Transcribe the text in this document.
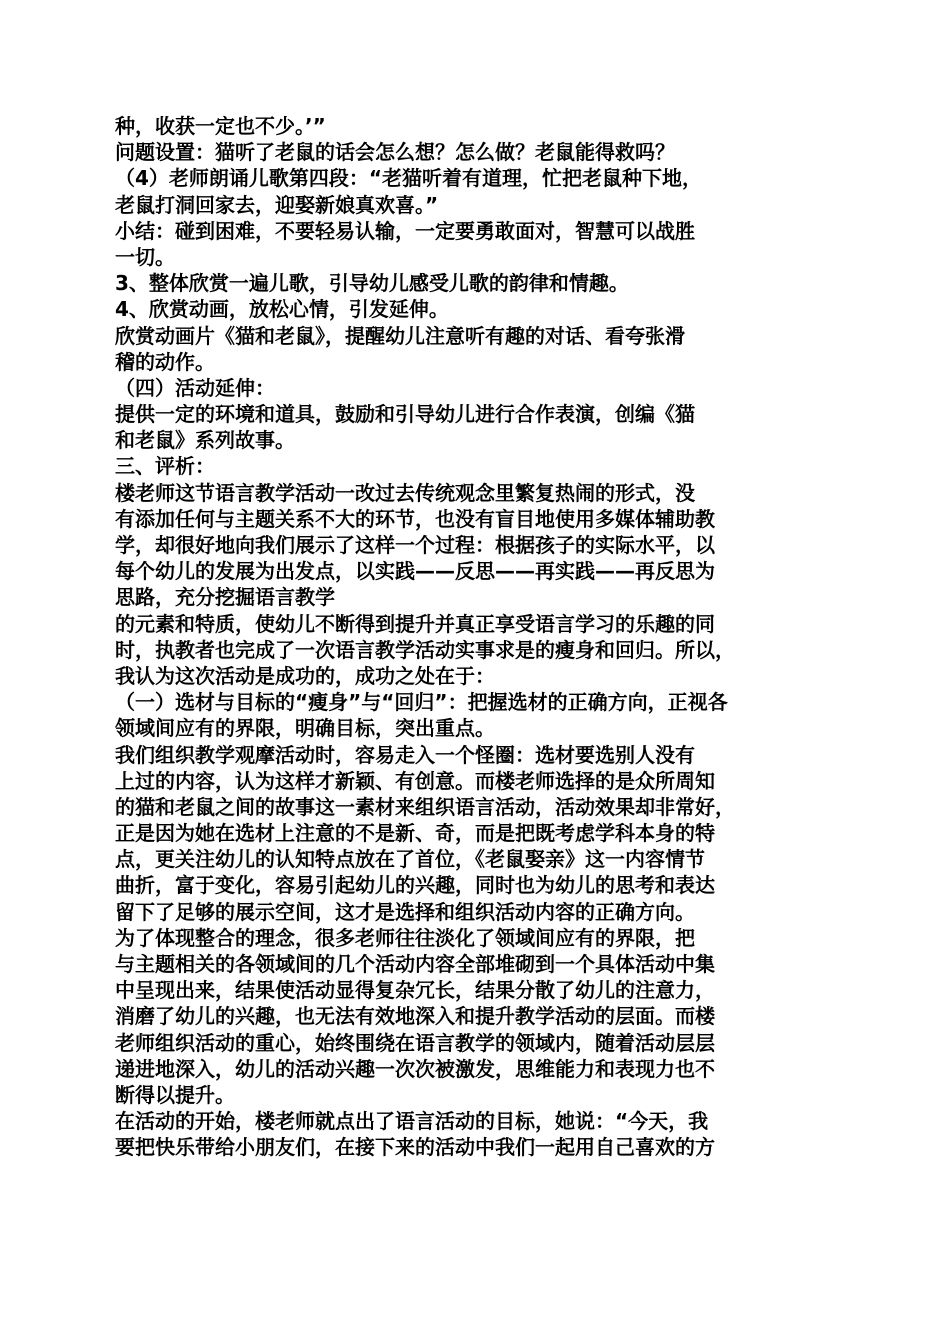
种，收获一定也不少。’”
问题设置：猫听了老鼠的话会怎么想？怎么做？老鼠能得救吗？
（4）老师朗诵儿歌第四段：“老猫听着有道理，忙把老鼠种下地，
老鼠打洞回家去，迎娶新娘真欢喜。”
小结：碰到困难，不要轻易认输，一定要勇敢面对，智慧可以战胜
一切。
3、整体欣赏一遍儿歌，引导幼儿感受儿歌的韵律和情趣。
4、欣赏动画，放松心情，引发延伸。
欣赏动画片《猫和老鼠》，提醒幼儿注意听有趣的对话、看夸张滑
稽的动作。
（四）活动延伸：
提供一定的环境和道具，鼓励和引导幼儿进行合作表演，创编《猫
和老鼠》系列故事。
三、评析：
楼老师这节语言教学活动一改过去传统观念里繁复热闹的形式，没
有添加任何与主题关系不大的环节，也没有盲目地使用多媒体辅助教
学，却很好地向我们展示了这样一个过程：根据孩子的实际水平，以
每个幼儿的发展为出发点，以实践——反思——再实践——再反思为
思路，充分挖掘语言教学
的元素和特质，使幼儿不断得到提升并真正享受语言学习的乐趣的同
时，执教者也完成了一次语言教学活动实事求是的瘦身和回归。所以，
我认为这次活动是成功的，成功之处在于：
（一）选材与目标的“瘦身”与“回归”：把握选材的正确方向，正视各
领域间应有的界限，明确目标，突出重点。
我们组织教学观摩活动时，容易走入一个怪圈：选材要选别人没有
上过的内容，认为这样才新颖、有创意。而楼老师选择的是众所周知
的猫和老鼠之间的故事这一素材来组织语言活动，活动效果却非常好，
正是因为她在选材上注意的不是新、奇，而是把既考虑学科本身的特
点，更关注幼儿的认知特点放在了首位，《老鼠娶亲》这一内容情节
曲折，富于变化，容易引起幼儿的兴趣，同时也为幼儿的思考和表达
留下了足够的展示空间，这才是选择和组织活动内容的正确方向。
为了体现整合的理念，很多老师往往淡化了领域间应有的界限，把
与主题相关的各领域间的几个活动内容全部堆砌到一个具体活动中集
中呈现出来，结果使活动显得复杂冗长，结果分散了幼儿的注意力，
消磨了幼儿的兴趣，也无法有效地深入和提升教学活动的层面。而楼
老师组织活动的重心，始终围绕在语言教学的领域内，随着活动层层
递进地深入，幼儿的活动兴趣一次次被激发，思维能力和表现力也不
断得以提升。
在活动的开始，楼老师就点出了语言活动的目标，她说：“今天，我
要把快乐带给小朋友们，在接下来的活动中我们一起用自己喜欢的方
